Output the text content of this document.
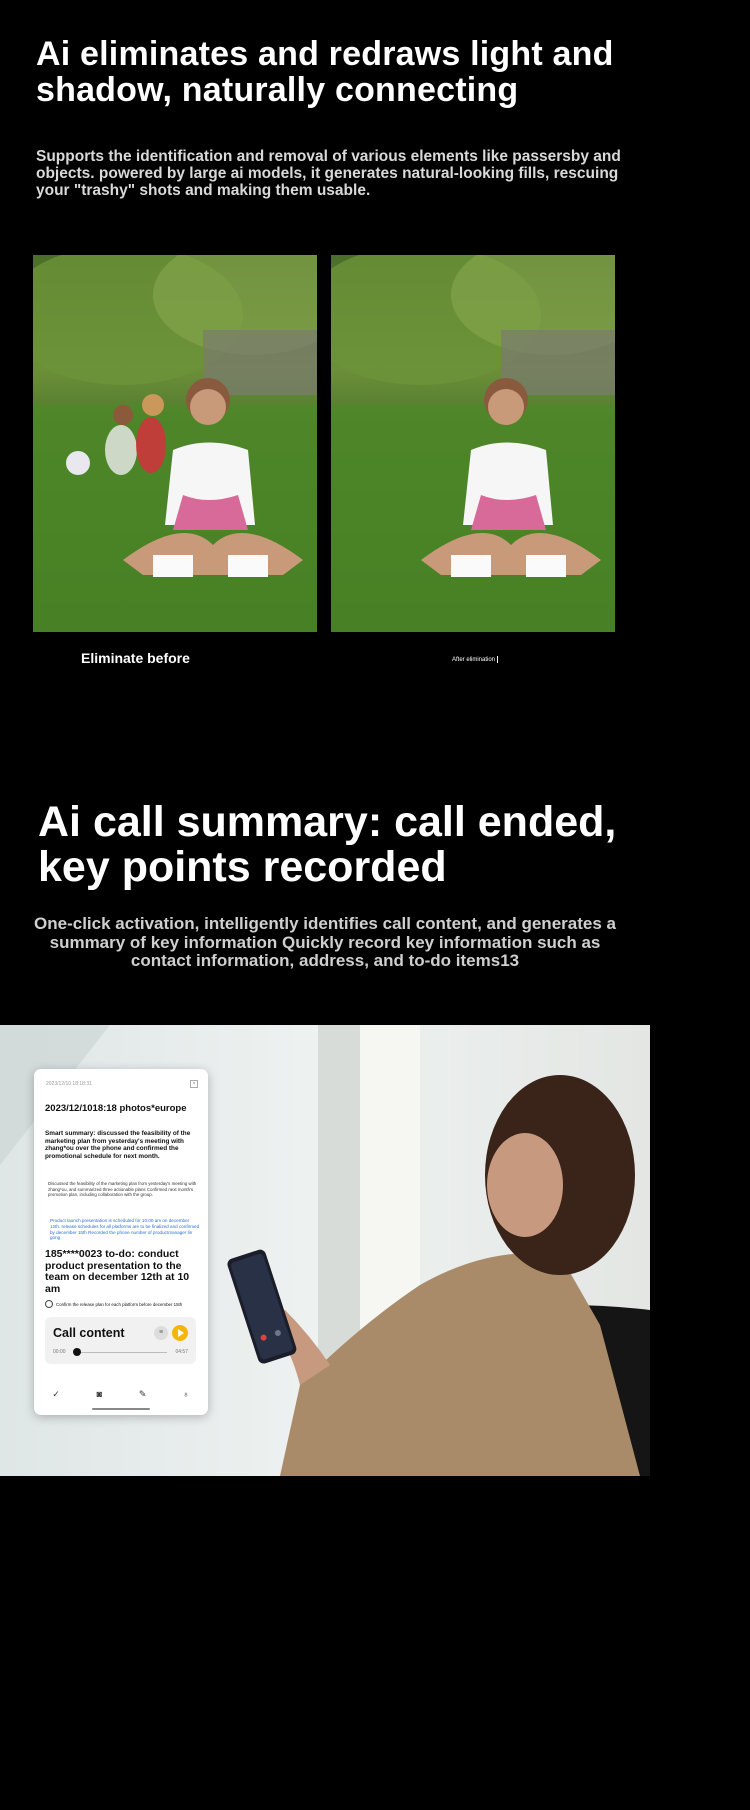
Ai eliminates and redraws light and shadow, naturally connecting
Supports the identification and removal of various elements like passersby and objects. powered by large ai models, it generates natural-looking fills, rescuing your "trashy" shots and making them usable.
Eliminate before	After elimination
Ai call summary: call ended, key points recorded
One-click activation, intelligently identifies call content, and generates a summary of key information Quickly record key information such as contact information, address, and to-do items13
2023/12/10 18:18:31	×
2023/12/1018:18 photos*europe
Smart summary: discussed the feasibility of the marketing plan from yesterday's meeting with zhang*ou over the phone and confirmed the promotional schedule for next month.
Discussed the feasibility of the marketing plan from yesterday's meeting with zhang*ou, and summarized three actionable plans Confirmed next month's promotion plan, including collaboration with the group.
Product launch presentation is scheduled for 10:00 am on december 12th. release schedules for all platforms are to be finalized and confirmed by december 15th Recorded the phone number of productmanager lin gong
185****0023 to-do: conduct product presentation to the team on december 12th at 10 am
Confirm the release plan for each platform before december 15th
Call content	≡
00:00	04:57
✓	◙	✎	♁
